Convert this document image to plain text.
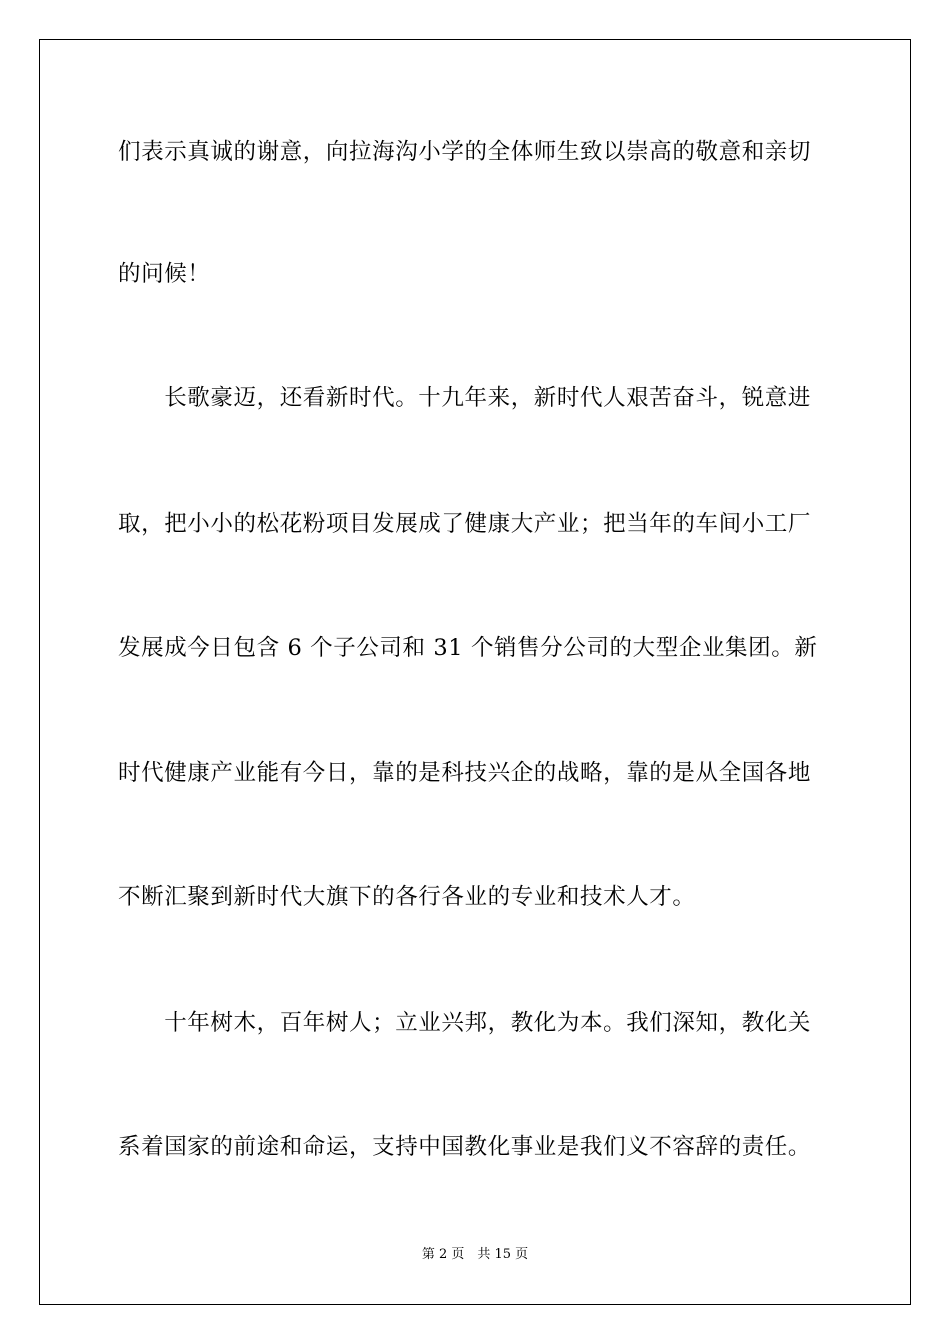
们表示真诚的谢意，向拉海沟小学的全体师生致以崇高的敬意和亲切
的问候！
　　长歌豪迈，还看新时代。十九年来，新时代人艰苦奋斗，锐意进
取，把小小的松花粉项目发展成了健康大产业；把当年的车间小工厂
发展成今日包含 6 个子公司和 31 个销售分公司的大型企业集团。新
时代健康产业能有今日，靠的是科技兴企的战略，靠的是从全国各地
不断汇聚到新时代大旗下的各行各业的专业和技术人才。
　　十年树木，百年树人；立业兴邦，教化为本。我们深知，教化关
系着国家的前途和命运，支持中国教化事业是我们义不容辞的责任。
第 2 页　共 15 页
